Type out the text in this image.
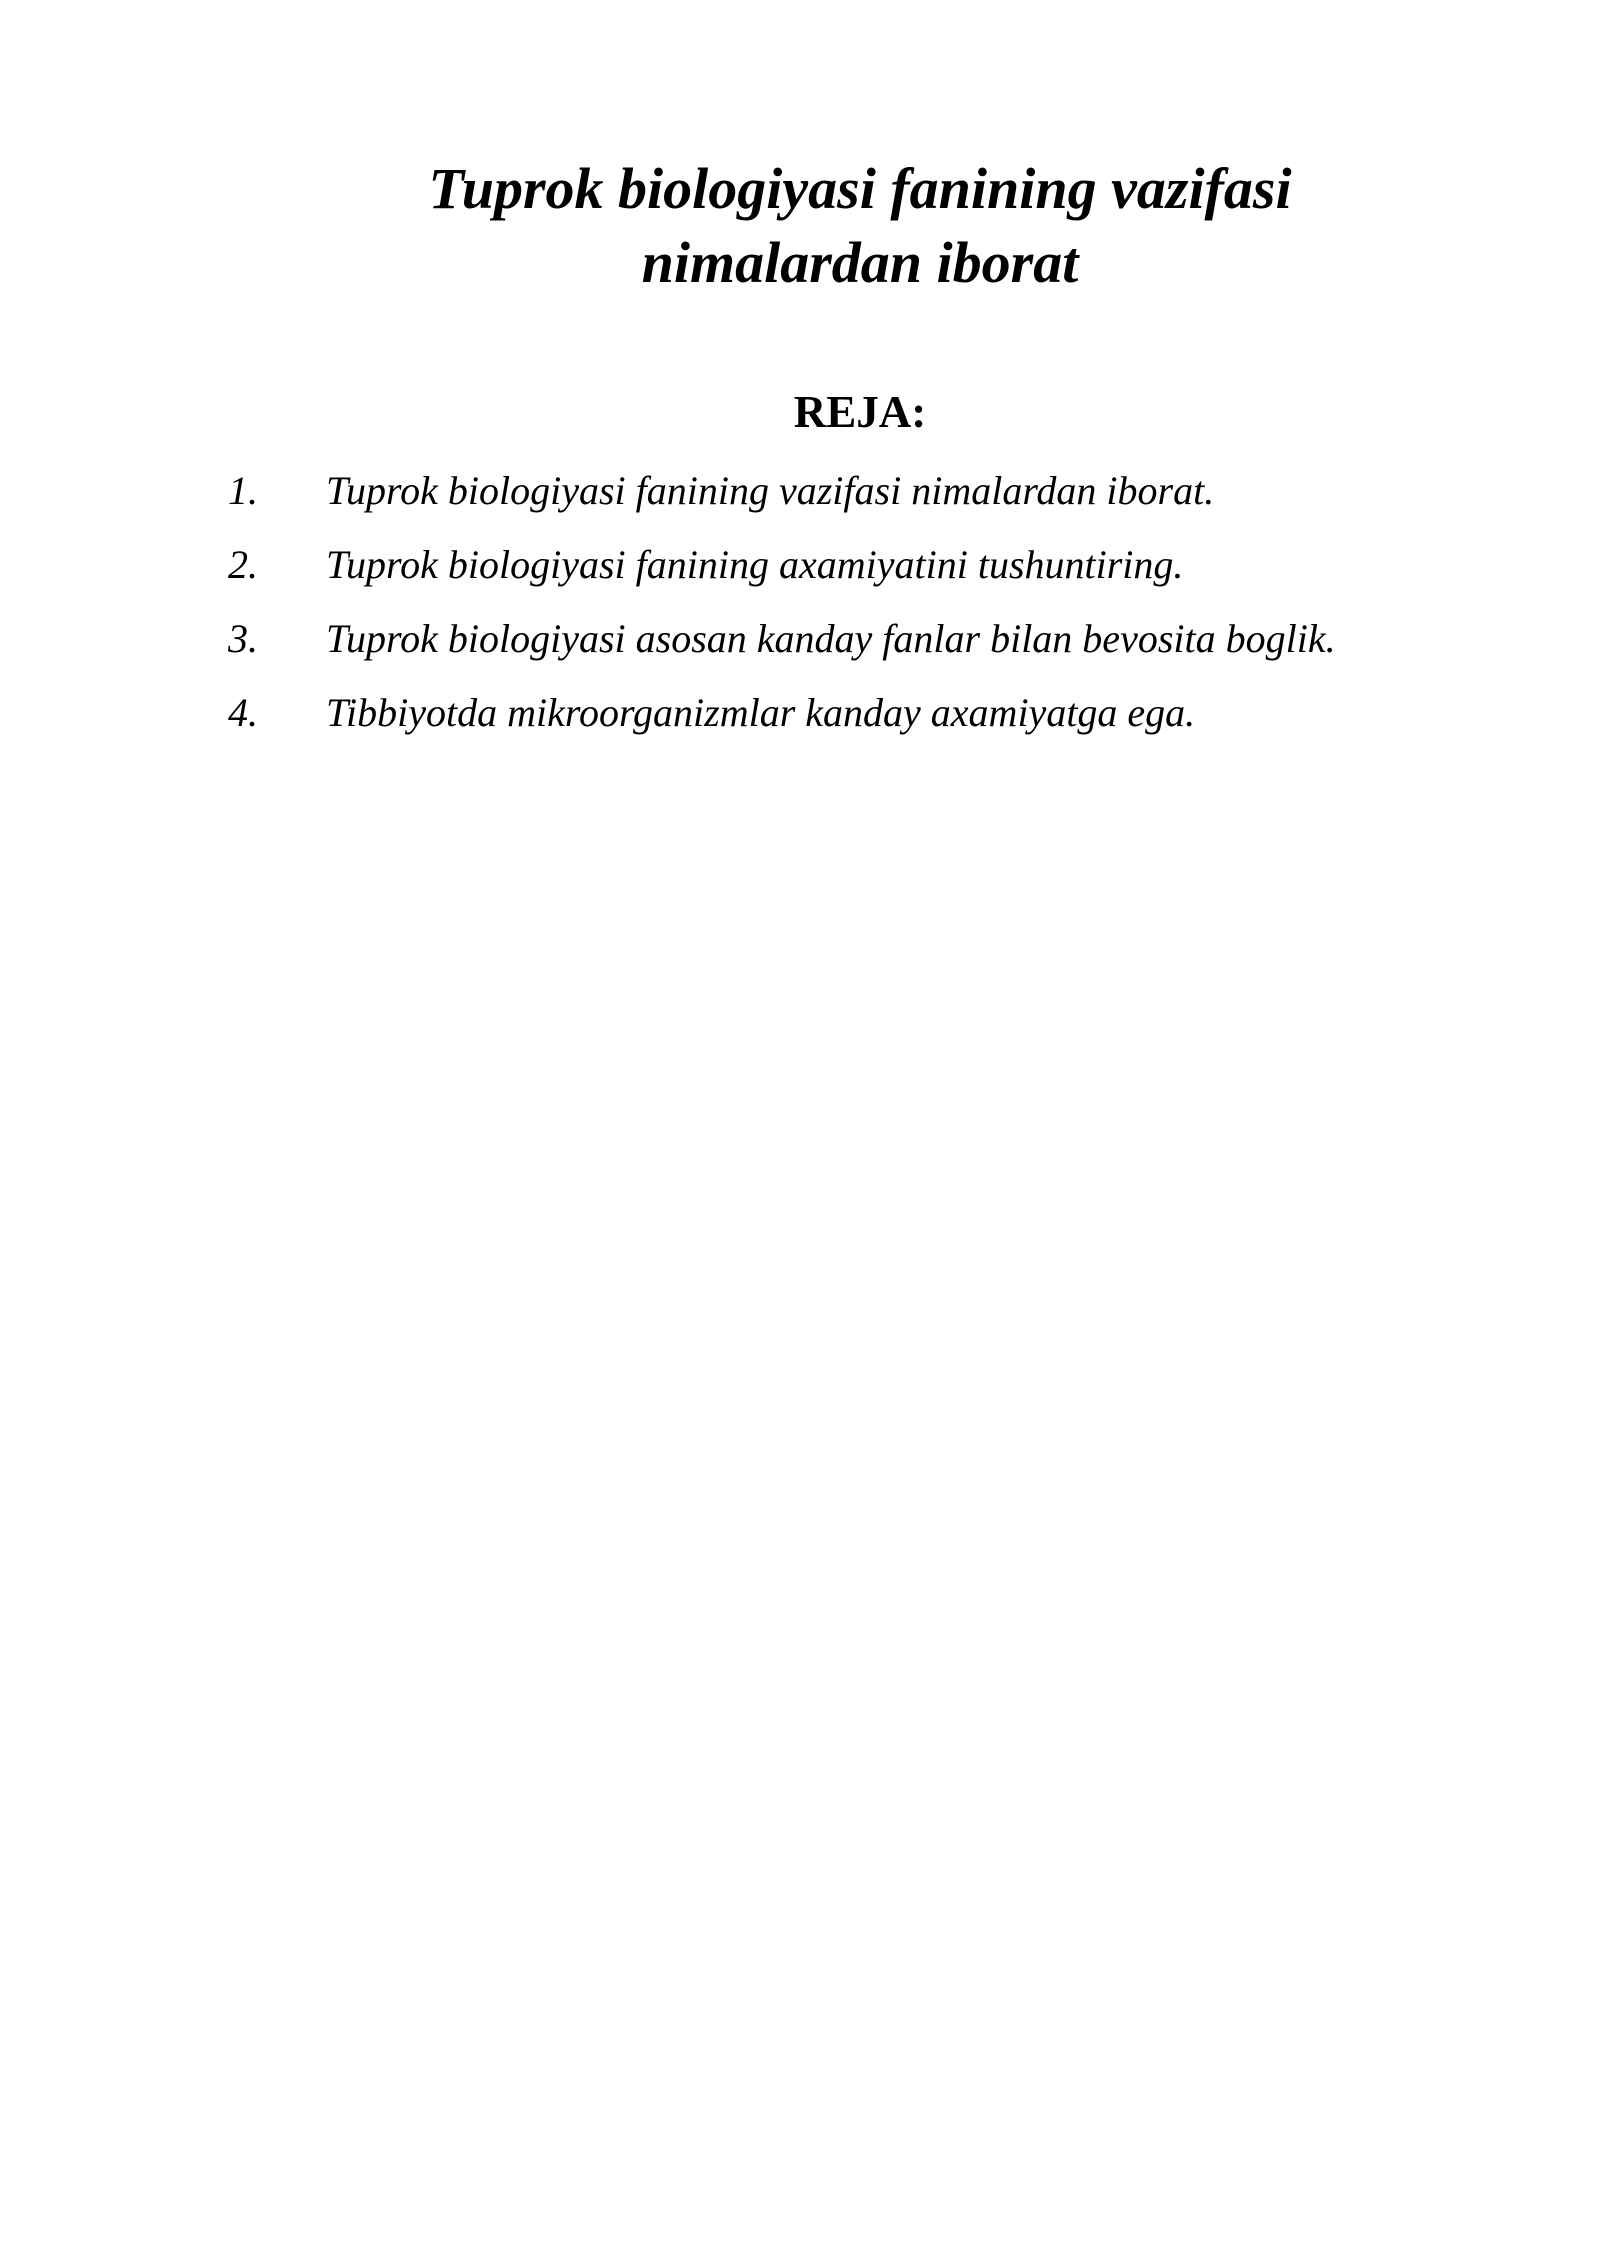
Tuprok biologiyasi fanining vazifasi
nimalardan iborat
REJA:
1.	Tuprok biologiyasi fanining vazifasi nimalardan iborat.
2.	Tuprok biologiyasi fanining axamiyatini tushuntiring.
3.	Tuprok biologiyasi asosan kanday fanlar bilan bevosita boglik.
4.	Tibbiyotda mikroorganizmlar kanday axamiyatga ega.
